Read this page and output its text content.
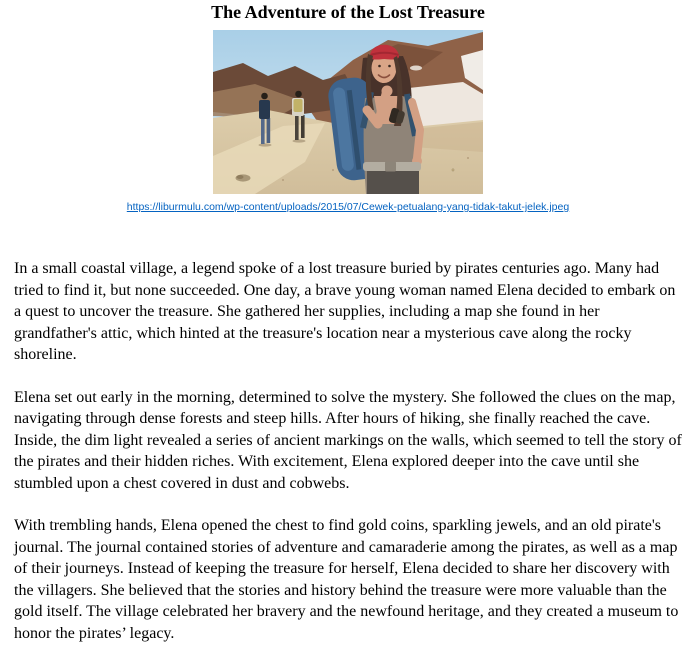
The Adventure of the Lost Treasure
https://liburmulu.com/wp-content/uploads/2015/07/Cewek-petualang-yang-tidak-takut-jelek.jpeg

In a small coastal village, a legend spoke of a lost treasure buried by pirates centuries ago. Many had tried to find it, but none succeeded. One day, a brave young woman named Elena decided to embark on a quest to uncover the treasure. She gathered her supplies, including a map she found in her grandfather's attic, which hinted at the treasure's location near a mysterious cave along the rocky shoreline.

Elena set out early in the morning, determined to solve the mystery. She followed the clues on the map, navigating through dense forests and steep hills. After hours of hiking, she finally reached the cave. Inside, the dim light revealed a series of ancient markings on the walls, which seemed to tell the story of the pirates and their hidden riches. With excitement, Elena explored deeper into the cave until she stumbled upon a chest covered in dust and cobwebs.

With trembling hands, Elena opened the chest to find gold coins, sparkling jewels, and an old pirate's journal. The journal contained stories of adventure and camaraderie among the pirates, as well as a map of their journeys. Instead of keeping the treasure for herself, Elena decided to share her discovery with the villagers. She believed that the stories and history behind the treasure were more valuable than the gold itself. The village celebrated her bravery and the newfound heritage, and they created a museum to honor the pirates’ legacy.
